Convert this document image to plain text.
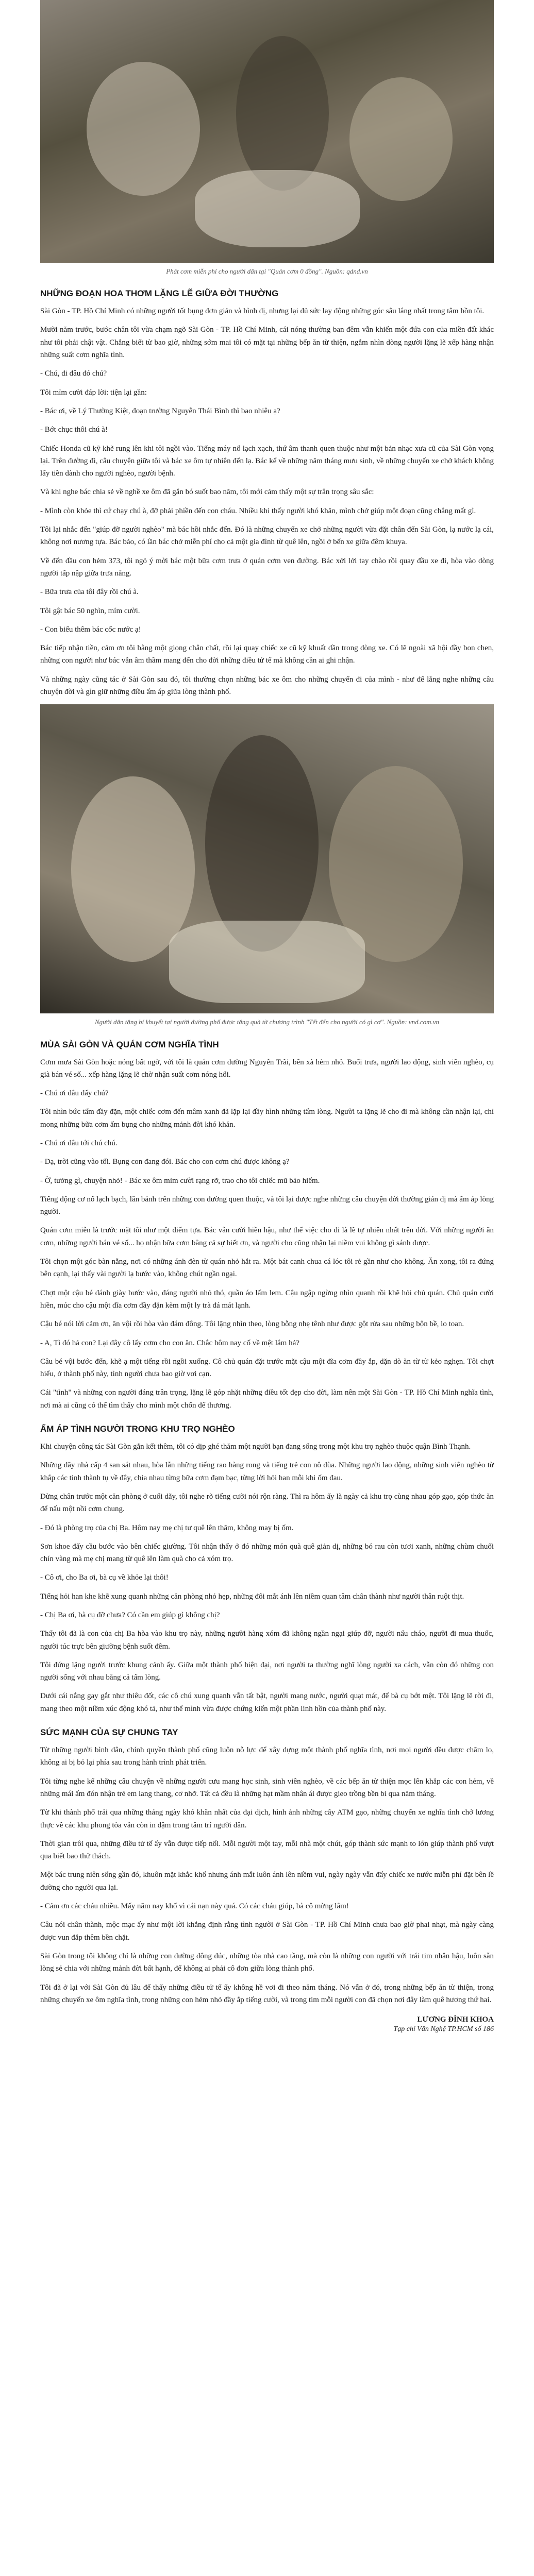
Phát cơm miễn phí cho người dân tại "Quán cơm 0 đồng". Nguồn: qdnd.vn
NHỮNG ĐOẠN HOA THƠM LẶNG LẼ GIỮA ĐỜI THƯỜNG

Sài Gòn - TP. Hồ Chí Minh có những người tốt bụng đơn giản và bình dị, nhưng lại đủ sức lay động những góc sâu lắng nhất trong tâm hồn tôi.

Mười năm trước, bước chân tôi vừa chạm ngõ Sài Gòn - TP. Hồ Chí Minh, cái nóng thường ban đêm vẫn khiến một đứa con của miền đất khác như tôi phải chật vật. Chẳng biết từ bao giờ, những sớm mai tôi có mặt tại những bếp ăn từ thiện, ngắm nhìn dòng người lặng lẽ xếp hàng nhận những suất cơm nghĩa tình.

- Chú, đi đâu đó chú?

Tôi mỉm cười đáp lời: tiện lại gần:

- Bác ơi, về Lý Thường Kiệt, đoạn trường Nguyễn Thái Bình thì bao nhiêu ạ?

- Bớt chục thôi chú à!

Chiếc Honda cũ kỹ khẽ rung lên khi tôi ngồi vào. Tiếng máy nổ lạch xạch, thứ âm thanh quen thuộc như một bản nhạc xưa cũ của Sài Gòn vọng lại. Trên đường đi, câu chuyện giữa tôi và bác xe ôm tự nhiên đến lạ. Bác kể về những năm tháng mưu sinh, về những chuyến xe chở khách không lấy tiền dành cho người nghèo, người bệnh.

Và khi nghe bác chia sẻ về nghề xe ôm đã gắn bó suốt bao năm, tôi mới cảm thấy một sự trân trọng sâu sắc:

- Mình còn khỏe thì cứ chạy chú à, đỡ phải phiền đến con cháu. Nhiều khi thấy người khó khăn, mình chở giúp một đoạn cũng chẳng mất gì.

Tôi lại nhắc đến "giúp đỡ người nghèo" mà bác hồi nhắc đến. Đó là những chuyến xe chở những người vừa đặt chân đến Sài Gòn, lạ nước lạ cái, không nơi nương tựa. Bác bảo, có lần bác chở miễn phí cho cả một gia đình từ quê lên, ngồi ở bến xe giữa đêm khuya.

Về đến đầu con hẻm 373, tôi ngỏ ý mời bác một bữa cơm trưa ở quán cơm ven đường. Bác xởi lởi tay chào rồi quay đầu xe đi, hòa vào dòng người tấp nập giữa trưa nắng.

- Bữa trưa của tôi đây rồi chú à.

Tôi gật bác 50 nghìn, mím cười.

- Con biếu thêm bác cốc nước ạ!

Bác tiếp nhận tiền, cảm ơn tôi bằng một giọng chân chất, rồi lại quay chiếc xe cũ kỹ khuất dần trong dòng xe. Có lẽ ngoài xã hội đầy bon chen, những con người như bác vẫn âm thầm mang đến cho đời những điều tử tế mà không cần ai ghi nhận.

Và những ngày cũng tác ở Sài Gòn sau đó, tôi thường chọn những bác xe ôm cho những chuyến đi của mình - như để lắng nghe những câu chuyện đời và gìn giữ những điều ấm áp giữa lòng thành phố.

Người dân tặng bí khuyết tại người đường phố được tặng quà từ chương trình "Tết đến cho người có gì cơ". Nguồn: vnd.com.vn
MÙA SÀI GÒN VÀ QUÁN CƠM NGHĨA TÌNH

Cơm mưa Sài Gòn hoặc nóng bất ngờ, với tôi là quán cơm đường Nguyễn Trãi, bên xà hẻm nhỏ. Buổi trưa, người lao động, sinh viên nghèo, cụ già bán vé số... xếp hàng lặng lẽ chờ nhận suất cơm nóng hổi.

- Chú ơi đâu đấy chú?

Tôi nhìn bức tấm đầy đặn, một chiếc cơm đến mâm xanh đã lặp lại đầy hình những tấm lòng. Người ta lặng lẽ cho đi mà không cần nhận lại, chỉ mong những bữa cơm ấm bụng cho những mảnh đời khó khăn.

- Chú ơi đâu tới chú chú.

- Dạ, trời cũng vào tối. Bụng con đang đói. Bác cho con cơm chú được không ạ?

- Ờ, tưởng gì, chuyện nhỏ! - Bác xe ôm mỉm cười rạng rỡ, trao cho tôi chiếc mũ bảo hiểm.

Tiếng động cơ nổ lạch bạch, lăn bánh trên những con đường quen thuộc, và tôi lại được nghe những câu chuyện đời thường giản dị mà ấm áp lòng người.

Quán cơm miễn là trước mặt tôi như một điểm tựa. Bác vẫn cười hiền hậu, như thể việc cho đi là lẽ tự nhiên nhất trên đời. Với những người ăn cơm, những người bán vé số... họ nhận bữa cơm bằng cả sự biết ơn, và người cho cũng nhận lại niềm vui không gì sánh được.

Tôi chọn một góc bàn nằng, nơi có những ánh đèn từ quán nhỏ hắt ra. Một bát canh chua cá lóc tôi rẻ gần như cho không. Ăn xong, tôi ra đứng bên cạnh, lại thấy vài người lạ bước vào, không chút ngần ngại.

Chợt một cậu bé đánh giày bước vào, đáng người nhỏ thó, quần áo lấm lem. Cậu ngập ngừng nhìn quanh rồi khẽ hỏi chủ quán. Chủ quán cười hiền, múc cho cậu một đĩa cơm đầy đặn kèm một ly trà đá mát lạnh.

Cậu bé nói lời cảm ơn, ăn vội rồi hòa vào đám đông. Tôi lặng nhìn theo, lòng bỗng nhẹ tênh như được gột rửa sau những bộn bề, lo toan.

- A, Tì đó hả con? Lại đây cô lấy cơm cho con ăn. Chắc hôm nay cố về mệt lắm hả?

Câu bé vội bước đến, khẽ ạ một tiếng rồi ngồi xuống. Cô chủ quán đặt trước mặt cậu một đĩa cơm đầy ắp, dặn dò ăn từ từ kẻo nghẹn. Tôi chợt hiểu, ở thành phố này, tình người chưa bao giờ vơi cạn.

Cái "tình" và những con người đáng trân trọng, lặng lẽ góp nhặt những điều tốt đẹp cho đời, làm nên một Sài Gòn - TP. Hồ Chí Minh nghĩa tình, nơi mà ai cũng có thể tìm thấy cho mình một chốn để thương.

ẤM ÁP TÌNH NGƯỜI TRONG KHU TRỌ NGHÈO

Khi chuyện công tác Sài Gòn gắn kết thêm, tôi có dịp ghé thăm một người bạn đang sống trong một khu trọ nghèo thuộc quận Bình Thạnh.

Những dãy nhà cấp 4 san sát nhau, hòa lẫn những tiếng rao hàng rong và tiếng trẻ con nô đùa. Những người lao động, những sinh viên nghèo từ khắp các tỉnh thành tụ về đây, chia nhau từng bữa cơm đạm bạc, từng lời hỏi han mỗi khi ốm đau.

Dừng chân trước một căn phòng ở cuối dãy, tôi nghe rõ tiếng cười nói rộn ràng. Thì ra hôm ấy là ngày cả khu trọ cùng nhau góp gạo, góp thức ăn để nấu một nồi cơm chung.

- Đó là phòng trọ của chị Ba. Hôm nay mẹ chị tư quê lên thăm, không may bị ốm.

Sơn khoe đấy cầu bước vào bên chiếc giường. Tôi nhận thấy ở đó những món quà quê giản dị, những bó rau còn tươi xanh, những chùm chuối chín vàng mà mẹ chị mang từ quê lên làm quà cho cả xóm trọ.

- Cô ơi, cho Ba ơi, bà cụ về khỏe lại thôi!

Tiếng hỏi han khe khẽ xung quanh những căn phòng nhỏ hẹp, những đôi mắt ánh lên niềm quan tâm chân thành như người thân ruột thịt.

- Chị Ba ơi, bà cụ đỡ chưa? Có cần em giúp gì không chị?

Thấy tôi đã là con của chị Ba hòa vào khu trọ này, những người hàng xóm đã không ngần ngại giúp đỡ, người nấu cháo, người đi mua thuốc, người túc trực bên giường bệnh suốt đêm.

Tôi đứng lặng người trước khung cảnh ấy. Giữa một thành phố hiện đại, nơi người ta thường nghĩ lòng người xa cách, vẫn còn đó những con người sống với nhau bằng cả tấm lòng.

Dưới cái nắng gay gắt như thiêu đốt, các cô chú xung quanh vẫn tất bật, người mang nước, người quạt mát, để bà cụ bớt mệt. Tôi lặng lẽ rời đi, mang theo một niềm xúc động khó tả, như thể mình vừa được chứng kiến một phần linh hồn của thành phố này.

SỨC MẠNH CỦA SỰ CHUNG TAY

Từ những người bình dân, chính quyền thành phố cũng luôn nỗ lực để xây dựng một thành phố nghĩa tình, nơi mọi người đều được chăm lo, không ai bị bỏ lại phía sau trong hành trình phát triển.

Tôi từng nghe kể những câu chuyện về những người cưu mang học sinh, sinh viên nghèo, về các bếp ăn từ thiện mọc lên khắp các con hẻm, về những mái ấm đón nhận trẻ em lang thang, cơ nhỡ. Tất cả đều là những hạt mầm nhân ái được gieo trồng bền bỉ qua năm tháng.

Từ khi thành phố trải qua những tháng ngày khó khăn nhất của đại dịch, hình ảnh những cây ATM gạo, những chuyến xe nghĩa tình chở lương thực về các khu phong tỏa vẫn còn in đậm trong tâm trí người dân.

Thời gian trôi qua, những điều tử tế ấy vẫn được tiếp nối. Mỗi người một tay, mỗi nhà một chút, góp thành sức mạnh to lớn giúp thành phố vượt qua biết bao thử thách.

Một bác trung niên sống gần đó, khuôn mặt khắc khổ nhưng ánh mắt luôn ánh lên niềm vui, ngày ngày vẫn đẩy chiếc xe nước miễn phí đặt bên lề đường cho người qua lại.

- Cảm ơn các cháu nhiều. Mấy năm nay khổ vì cái nạn này quá. Có các cháu giúp, bà cô mừng lắm!

Câu nói chân thành, mộc mạc ấy như một lời khẳng định rằng tình người ở Sài Gòn - TP. Hồ Chí Minh chưa bao giờ phai nhạt, mà ngày càng được vun đắp thêm bền chặt.

Sài Gòn trong tôi không chỉ là những con đường đông đúc, những tòa nhà cao tầng, mà còn là những con người với trái tim nhân hậu, luôn sẵn lòng sẻ chia với những mảnh đời bất hạnh, để không ai phải cô đơn giữa lòng thành phố.

Tôi đã ở lại với Sài Gòn đủ lâu để thấy những điều tử tế ấy không hề vơi đi theo năm tháng. Nó vẫn ở đó, trong những bếp ăn từ thiện, trong những chuyến xe ôm nghĩa tình, trong những con hẻm nhỏ đầy ắp tiếng cười, và trong tim mỗi người con đã chọn nơi đây làm quê hương thứ hai.

LƯƠNG ĐÌNH KHOA
Tạp chí Văn Nghệ TP.HCM số 186
